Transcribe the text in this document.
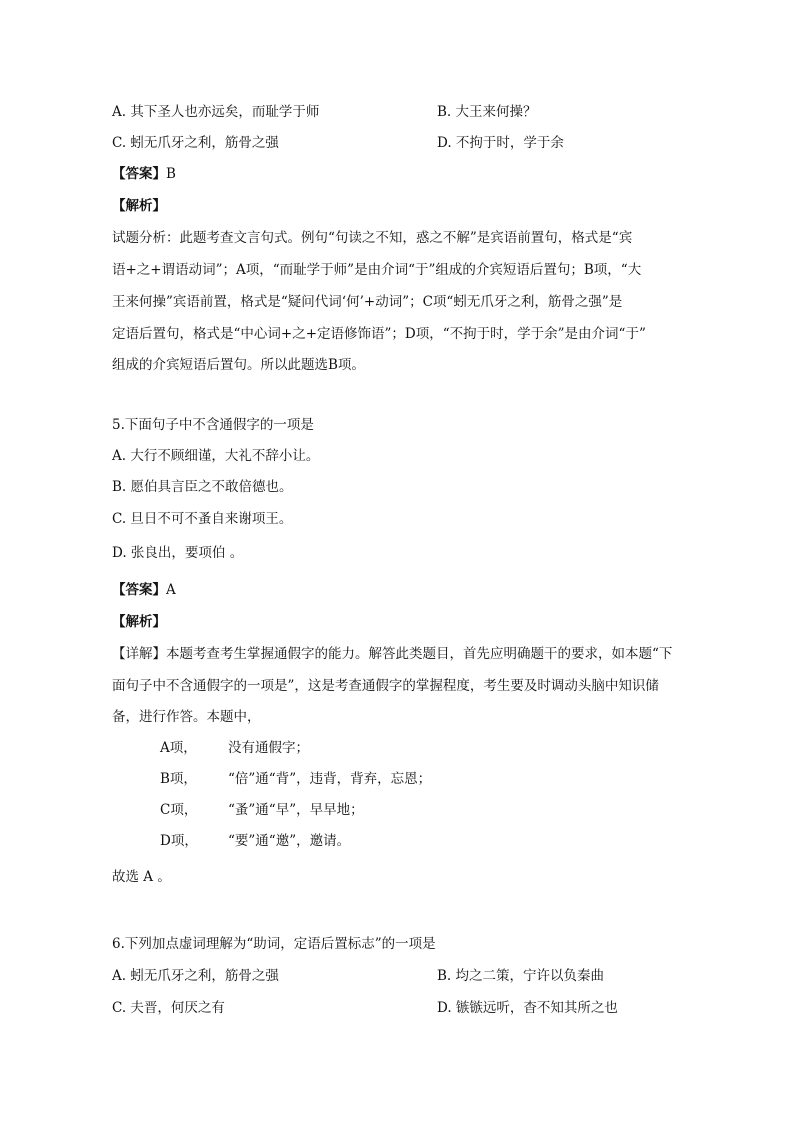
A. 其下圣人也亦远矣，而耻学于师	B. 大王来何操？
C. 蚓无爪牙之利，筋骨之强	D. 不拘于时，学于余
【答案】B
【解析】
试题分析：此题考查文言句式。例句“句读之不知，惑之不解”是宾语前置句，格式是“宾
语+之+谓语动词”；A项，“而耻学于师”是由介词“于”组成的介宾短语后置句；B项，“大
王来何操”宾语前置，格式是“疑问代词‘何’+动词”；C项“蚓无爪牙之利，筋骨之强”是
定语后置句，格式是“中心词+之+定语修饰语”；D项，“不拘于时，学于余”是由介词“于”
组成的介宾短语后置句。所以此题选B项。
5.下面句子中不含通假字的一项是
A. 大行不顾细谨，大礼不辞小让。
B. 愿伯具言臣之不敢倍德也。
C. 旦日不可不蚤自来谢项王。
D. 张良出，要项伯 。
【答案】A
【解析】
【详解】本题考查考生掌握通假字的能力。解答此类题目，首先应明确题干的要求，如本题“下
面句子中不含通假字的一项是”，这是考查通假字的掌握程度，考生要及时调动头脑中知识储
备，进行作答。本题中，
A项， 没有通假字；
B项， “倍”通“背”，违背，背弃，忘恩；
C项， “蚤”通“早”，早早地；
D项， “要”通“邀”，邀请。
故选 A 。
6.下列加点虚词理解为“助词，定语后置标志”的一项是
A. 蚓无爪牙之利，筋骨之强	B. 均之二策，宁许以负秦曲
C. 夫晋，何厌之有	D. 镞镞远听，杳不知其所之也
